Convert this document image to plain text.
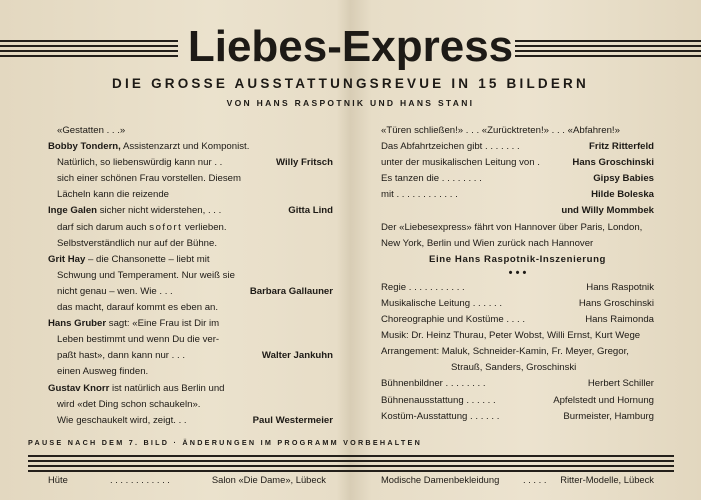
Liebes-Express
DIE GROSSE AUSSTATTUNGSREVUE IN 15 BILDERN
VON HANS RASPOTNIK UND HANS STANI
«Gestatten . . .»
Bobby Tondern, Assistenzarzt und Komponist.
Natürlich, so liebenswürdig kann nur . .	Willy Fritsch
sich einer schönen Frau vorstellen. Diesem
Lächeln kann die reizende
Inge Galen sicher nicht widerstehen, . . .	Gitta Lind
darf sich darum auch sofort verlieben.
Selbstverständlich nur auf der Bühne.
Grit Hay – die Chansonette – liebt mit
Schwung und Temperament. Nur weiß sie
nicht genau – wen. Wie . . .	Barbara Gallauner
das macht, darauf kommt es eben an.
Hans Gruber sagt: «Eine Frau ist Dir im
Leben bestimmt und wenn Du die ver-
paßt hast», dann kann nur . . .	Walter Jankuhn
einen Ausweg finden.
Gustav Knorr ist natürlich aus Berlin und
wird «det Ding schon schaukeln».
Wie geschaukelt wird, zeigt. . .	Paul Westermeier
«Türen schließen!» . . . «Zurücktreten!» . . . «Abfahren!»
Das Abfahrtzeichen gibt . . . . . . .	Fritz Ritterfeld
unter der musikalischen Leitung von .	Hans Groschinski
Es tanzen die . . . . . . . .	Gipsy Babies
mit . . . . . . . . . . . .	Hilde Boleska
und Willy Mommbek
Der «Liebesexpress» fährt von Hannover über Paris, London,
New York, Berlin und Wien zurück nach Hannover
Eine Hans Raspotnik-Inszenierung
• • •
Regie . . . . . . . . . . .	Hans Raspotnik
Musikalische Leitung . . . . . .	Hans Groschinski
Choreographie und Kostüme . . . .	Hans Raimonda
Musik: Dr. Heinz Thurau, Peter Wobst, Willi Ernst, Kurt Wege
Arrangement: Maluk, Schneider-Kamin, Fr. Meyer, Gregor,
Strauß, Sanders, Groschinski
Bühnenbildner . . . . . . . .	Herbert Schiller
Bühnenausstattung . . . . . .	Apfelstedt und Hornung
Kostüm-Ausstattung . . . . . .	Burmeister, Hamburg
PAUSE NACH DEM 7. BILD · ÄNDERUNGEN IM PROGRAMM VORBEHALTEN
Hüte	. . . . . . . . . . . .	Salon «Die Dame», Lübeck	Modische Damenbekleidung	. . . . . Ritter-Modelle, Lübeck
